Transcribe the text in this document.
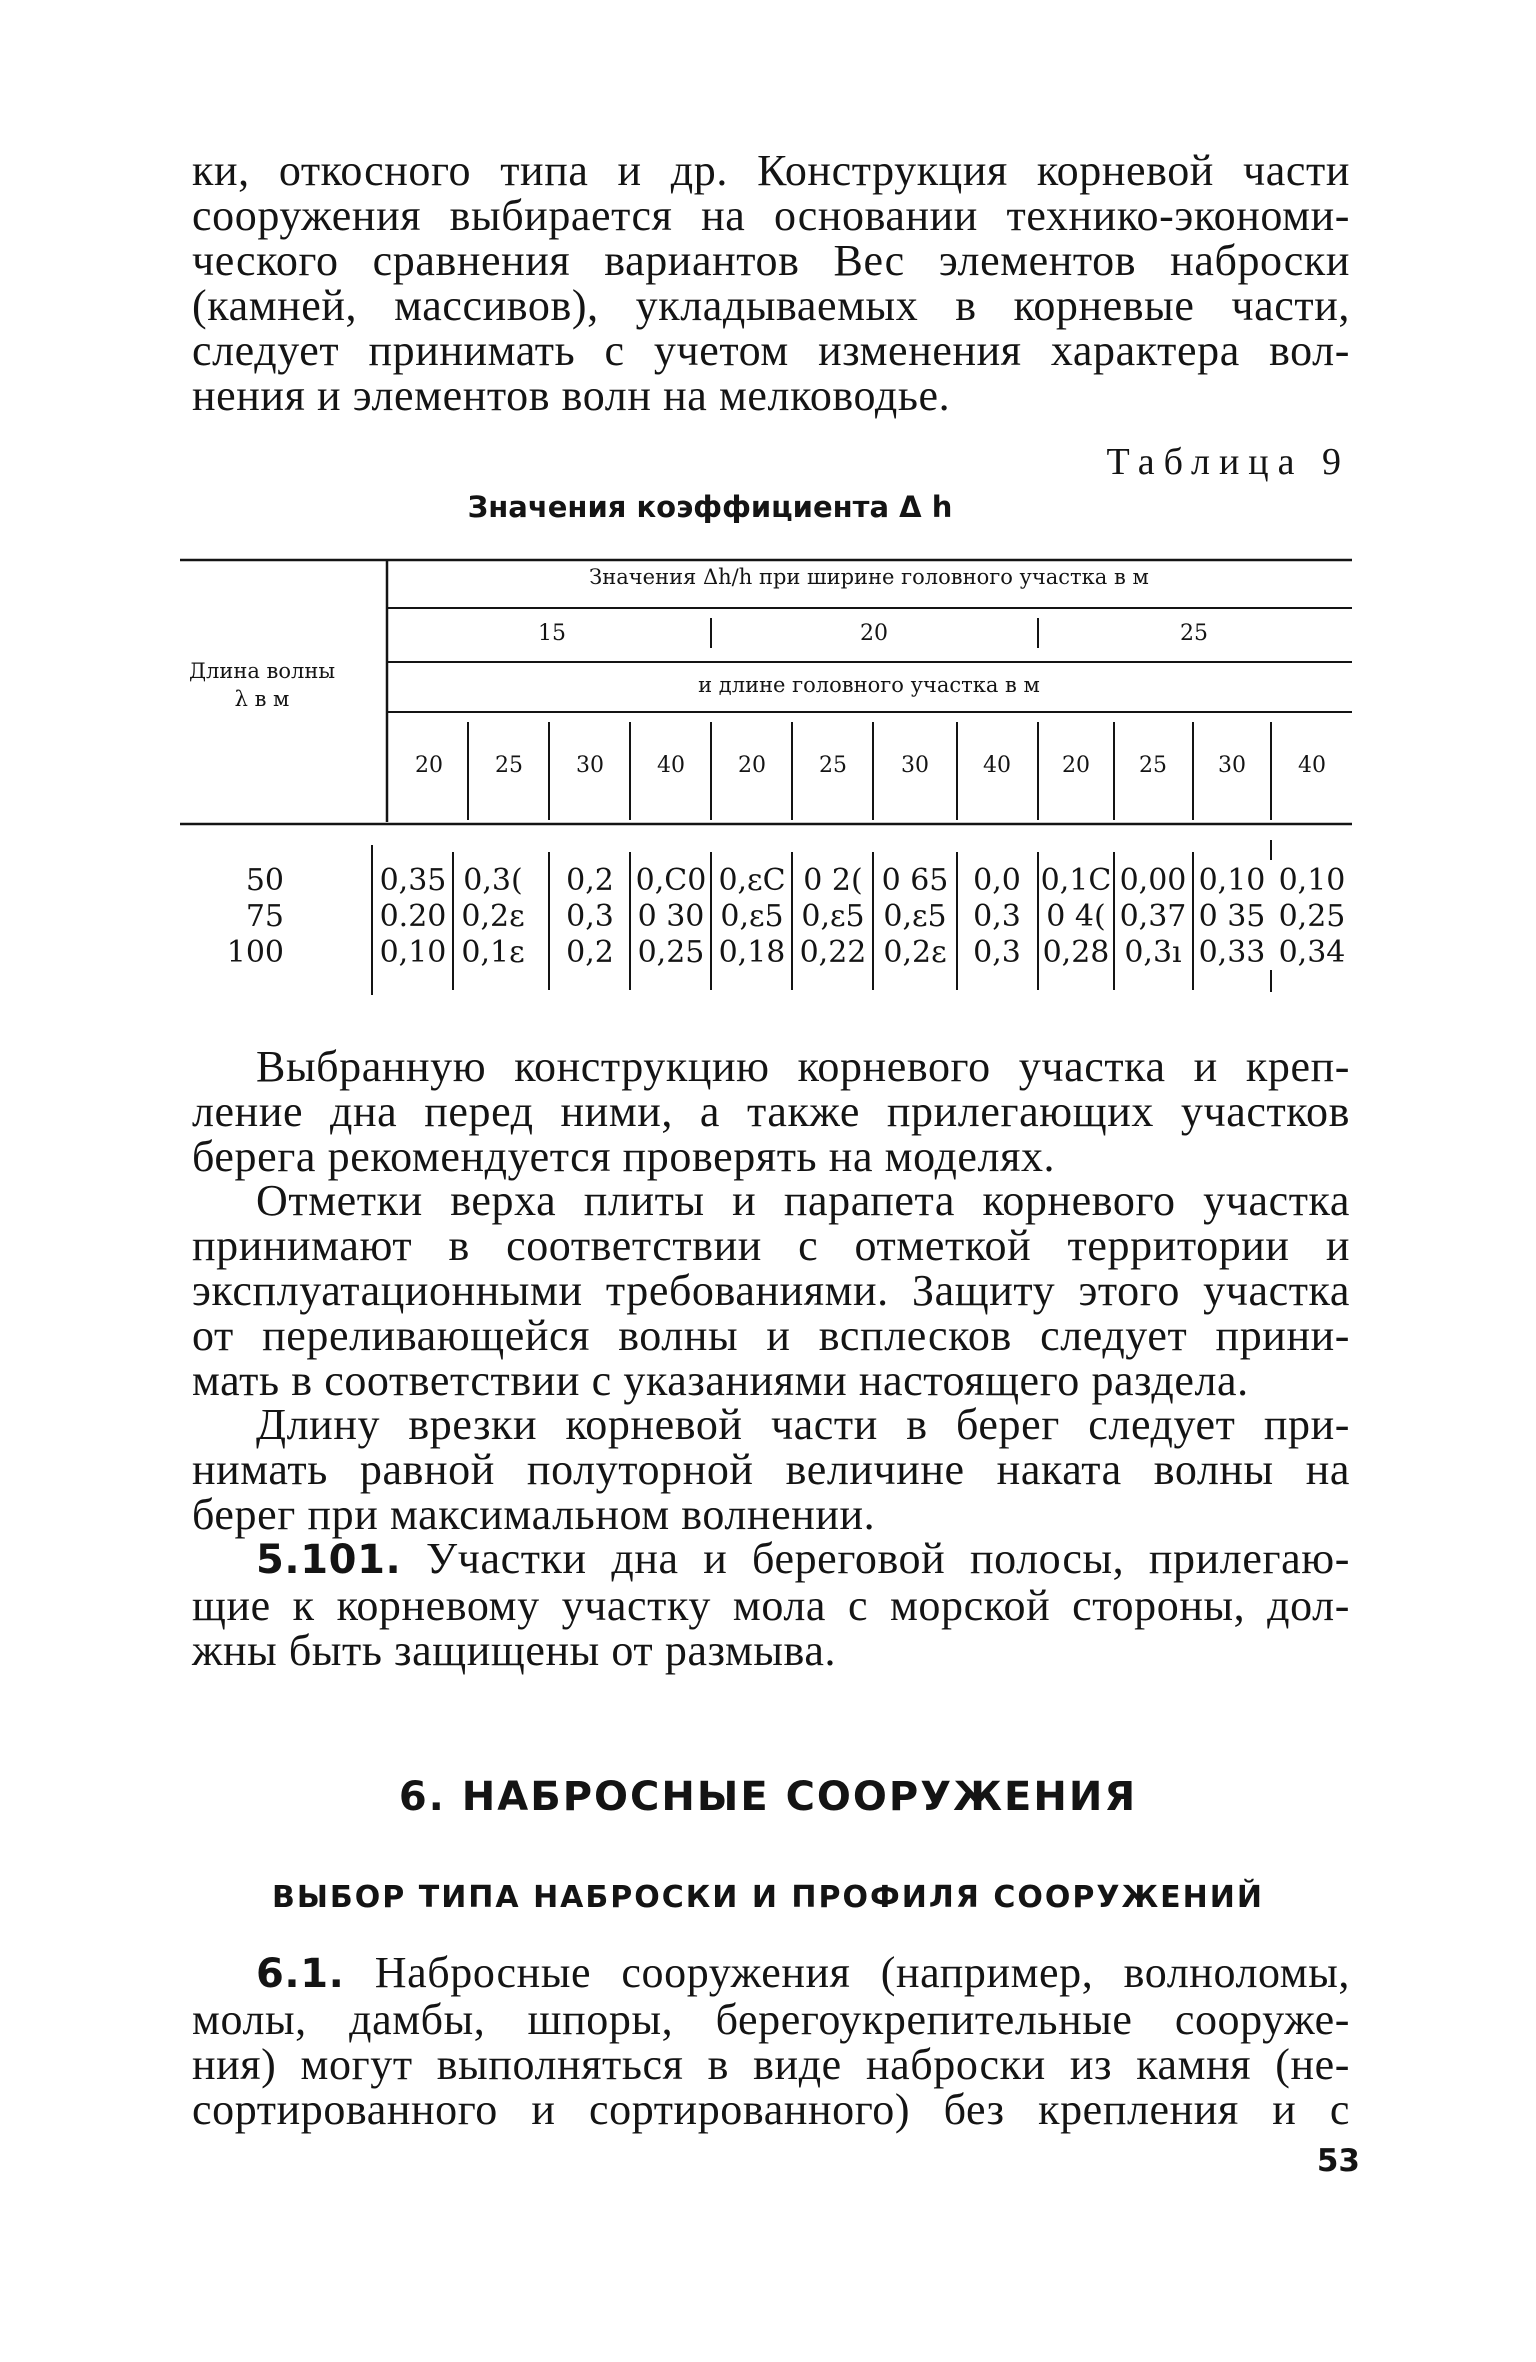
ки, откосного типа и др. Конструкция корневой части
сооружения выбирается на основании технико-экономи-
ческого сравнения вариантов Вес элементов наброски
(камней, массивов), укладываемых в корневые части,
следует принимать с учетом изменения характера вол-
нения и элементов волн на мелководье.
Таблица 9
Значения коэффициента Δ h
Длина волны
λ в м
Значения Δh/h при ширине головного участка в м
15	20	25
и длине головного участка в м
20 25 30 40 20 25 30 40 20 25 30 40
50
75
100
0,35 0,3( 0,2 0,C0 0,εC 0 2( 0 65 0,0 0,1C 0,00 0,10 0,10
0.20 0,2ε 0,3 0 30 0,ε5 0,ε5 0,ε5 0,3 0 4( 0,37 0 35 0,25
0,10 0,1ε 0,2 0,25 0,18 0,22 0,2ε 0,3 0,28 0,3ı 0,33 0,34
Выбранную конструкцию корневого участка и креп-
ление дна перед ними, а также прилегающих участков
берега рекомендуется проверять на моделях.
Отметки верха плиты и парапета корневого участка
принимают в соответствии с отметкой территории и
эксплуатационными требованиями. Защиту этого участка
от переливающейся волны и всплесков следует прини-
мать в соответствии с указаниями настоящего раздела.
Длину врезки корневой части в берег следует при-
нимать равной полуторной величине наката волны на
берег при максимальном волнении.
5.101. Участки дна и береговой полосы, прилегаю-
щие к корневому участку мола с морской стороны, дол-
жны быть защищены от размыва.
6. НАБРОСНЫЕ СООРУЖЕНИЯ
ВЫБОР ТИПА НАБРОСКИ И ПРОФИЛЯ СООРУЖЕНИЙ
6.1. Набросные сооружения (например, волноломы,
молы, дамбы, шпоры, берегоукрепительные сооруже-
ния) могут выполняться в виде наброски из камня (не-
сортированного и сортированного) без крепления и с
53
